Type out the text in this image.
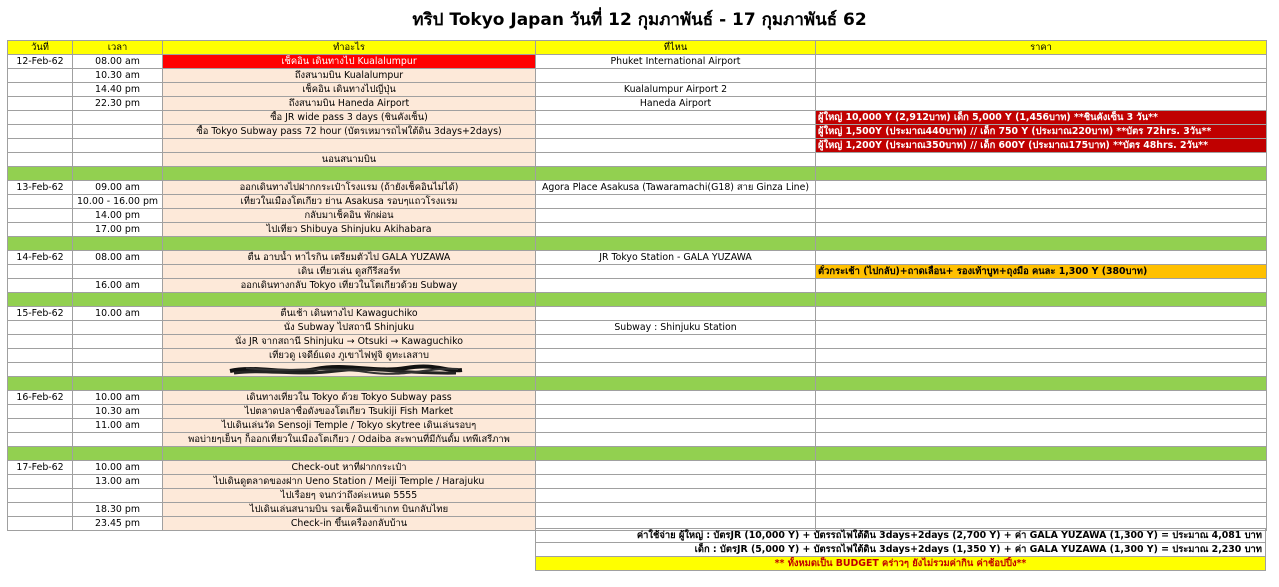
ทริป Tokyo Japan วันที่ 12 กุมภาพันธ์ - 17 กุมภาพันธ์ 62
วันที่	เวลา	ทำอะไร	ที่ไหน	ราคา
12-Feb-62	08.00 am	เช็คอิน เดินทางไป Kualalumpur	Phuket International Airport	
	10.30 am	ถึงสนามบิน Kualalumpur		
	14.40 pm	เช็คอิน เดินทางไปญี่ปุ่น	Kualalumpur Airport 2	
	22.30 pm	ถึงสนามบิน Haneda Airport	Haneda Airport	
		ซื้อ JR wide pass 3 days (ชินคังเซ็น)		ผู้ใหญ่ 10,000 Y (2,912บาท) เด็ก 5,000 Y (1,456บาท) **ชินคังเซ็น 3 วัน**
		ซื้อ Tokyo Subway pass 72 hour (บัตรเหมารถไฟใต้ดิน 3days+2days)		ผู้ใหญ่ 1,500Y (ประมาณ440บาท) // เด็ก 750 Y (ประมาณ220บาท) **บัตร 72hrs. 3วัน**
				ผู้ใหญ่ 1,200Y (ประมาณ350บาท) // เด็ก 600Y (ประมาณ175บาท) **บัตร 48hrs. 2วัน**
		นอนสนามบิน		

13-Feb-62	09.00 am	ออกเดินทางไปฝากกระเป๋าโรงแรม (ถ้ายังเช็คอินไม่ได้)	Agora Place Asakusa (Tawaramachi(G18) สาย Ginza Line)	
	10.00 - 16.00 pm	เที่ยวในเมืองโตเกียว ย่าน Asakusa รอบๆแถวโรงแรม		
	14.00 pm	กลับมาเช็คอิน พักผ่อน		
	17.00 pm	ไปเที่ยว Shibuya Shinjuku Akihabara		

14-Feb-62	08.00 am	ตื่น อาบน้ำ หาไรกิน เตรียมตัวไป GALA YUZAWA	JR Tokyo Station - GALA YUZAWA	
		เดิน เที่ยวเล่น ดูสกีรีสอร์ท		ตั๋วกระเช้า (ไปกลับ)+ถาดเลื่อน+ รองเท้าบูท+ถุงมือ คนละ 1,300 Y (380บาท)
	16.00 am	ออกเดินทางกลับ Tokyo เที่ยวในโตเกียวด้วย Subway		

15-Feb-62	10.00 am	ตื่นเช้า เดินทางไป Kawaguchiko		
		นั่ง Subway ไปสถานี Shinjuku	Subway : Shinjuku Station	
		นั่ง JR จากสถานี Shinjuku → Otsuki → Kawaguchiko		
		เที่ยวดู เจดีย์แดง ภูเขาไฟฟูจิ ดูทะเลสาบ		

16-Feb-62	10.00 am	เดินทางเที่ยวใน Tokyo ด้วย Tokyo Subway pass		
	10.30 am	ไปตลาดปลาชื่อดังของโตเกียว Tsukiji Fish Market		
	11.00 am	ไปเดินเล่นวัด Sensoji Temple / Tokyo skytree เดินเล่นรอบๆ		
		พอบ่ายๆเย็นๆ ก็ออกเที่ยวในเมืองโตเกียว / Odaiba สะพานที่มีกันดั้ม เทพีเสรีภาพ		

17-Feb-62	10.00 am	Check-out หาที่ฝากกระเป๋า		
	13.00 am	ไปเดินดูตลาดของฝาก Ueno Station / Meiji Temple / Harajuku		
		ไปเรื่อยๆ จนกว่าถึงค่ะเหนด 5555		
	18.30 pm	ไปเดินเล่นสนามบิน รอเช็คอินเข้าเกท บินกลับไทย		
	23.45 pm	Check-in ขึ้นเครื่องกลับบ้าน		
ค่าใช้จ่าย ผู้ใหญ่ : บัตรJR (10,000 Y) + บัตรรถไฟใต้ดิน 3days+2days (2,700 Y) + ค่า GALA YUZAWA (1,300 Y) = ประมาณ 4,081 บาท
เด็ก : บัตรJR (5,000 Y) + บัตรรถไฟใต้ดิน 3days+2days (1,350 Y) + ค่า GALA YUZAWA (1,300 Y) = ประมาณ 2,230 บาท
** ทั้งหมดเป็น BUDGET คร่าวๆ ยังไม่รวมค่ากิน ค่าช้อปปิ้ง**
